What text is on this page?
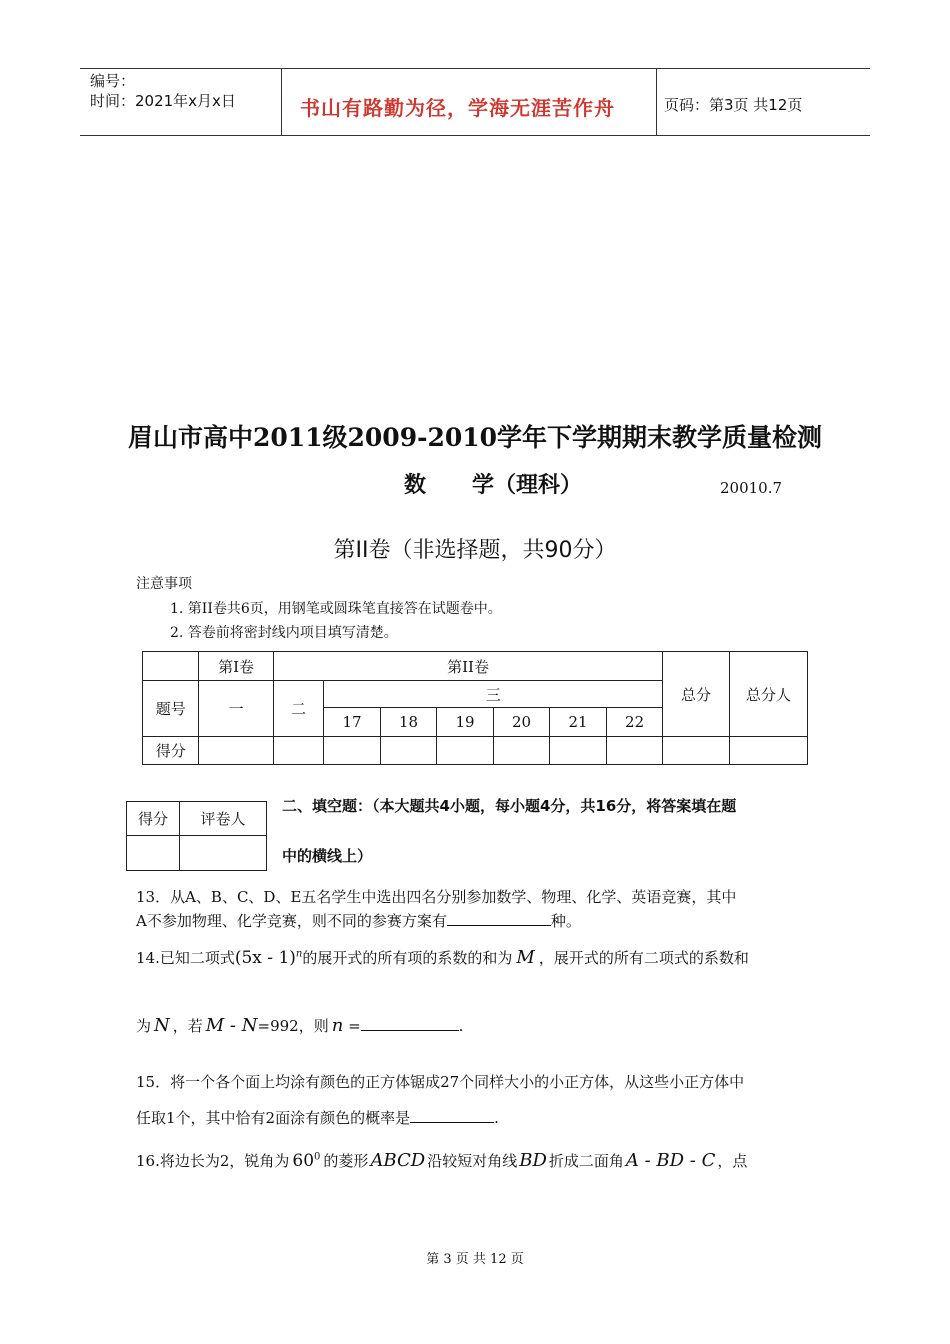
编号：
时间：2021年x月x日	书山有路勤为径，学海无涯苦作舟	页码：第3页 共12页
眉山市高中2011级2009-2010学年下学期期末教学质量检测
数      学（理科）	20010.7
第II卷（非选择题，共90分）
注意事项
1. 第II卷共6页，用钢笔或圆珠笔直接答在试题卷中。
2. 答卷前将密封线内项目填写清楚。
	第I卷	第II卷							总分	总分人
题号	一	二	三							
			17	18	19	20	21	22		
得分										
得分	评卷人

二、填空题：（本大题共4小题，每小题4分，共16分，将答案填在题
中的横线上）
13．从A、B、C、D、E五名学生中选出四名分别参加数学、物理、化学、英语竞赛，其中
A不参加物理、化学竞赛，则不同的参赛方案有	种。
14.已知二项式(5x - 1)$^n$的展开式的所有项的系数的和为 M ，展开式的所有二项式的系数和
为 N ，若 M - N=992，则 n =	.
15．将一个各个面上均涂有颜色的正方体锯成27个同样大小的小正方体，从这些小正方体中
任取1个，其中恰有2面涂有颜色的概率是	.
16.将边长为2，锐角为 $60^0$ 的菱形 ABCD 沿较短对角线 BD 折成二面角 A - BD - C ，点
第 3 页 共 12 页
